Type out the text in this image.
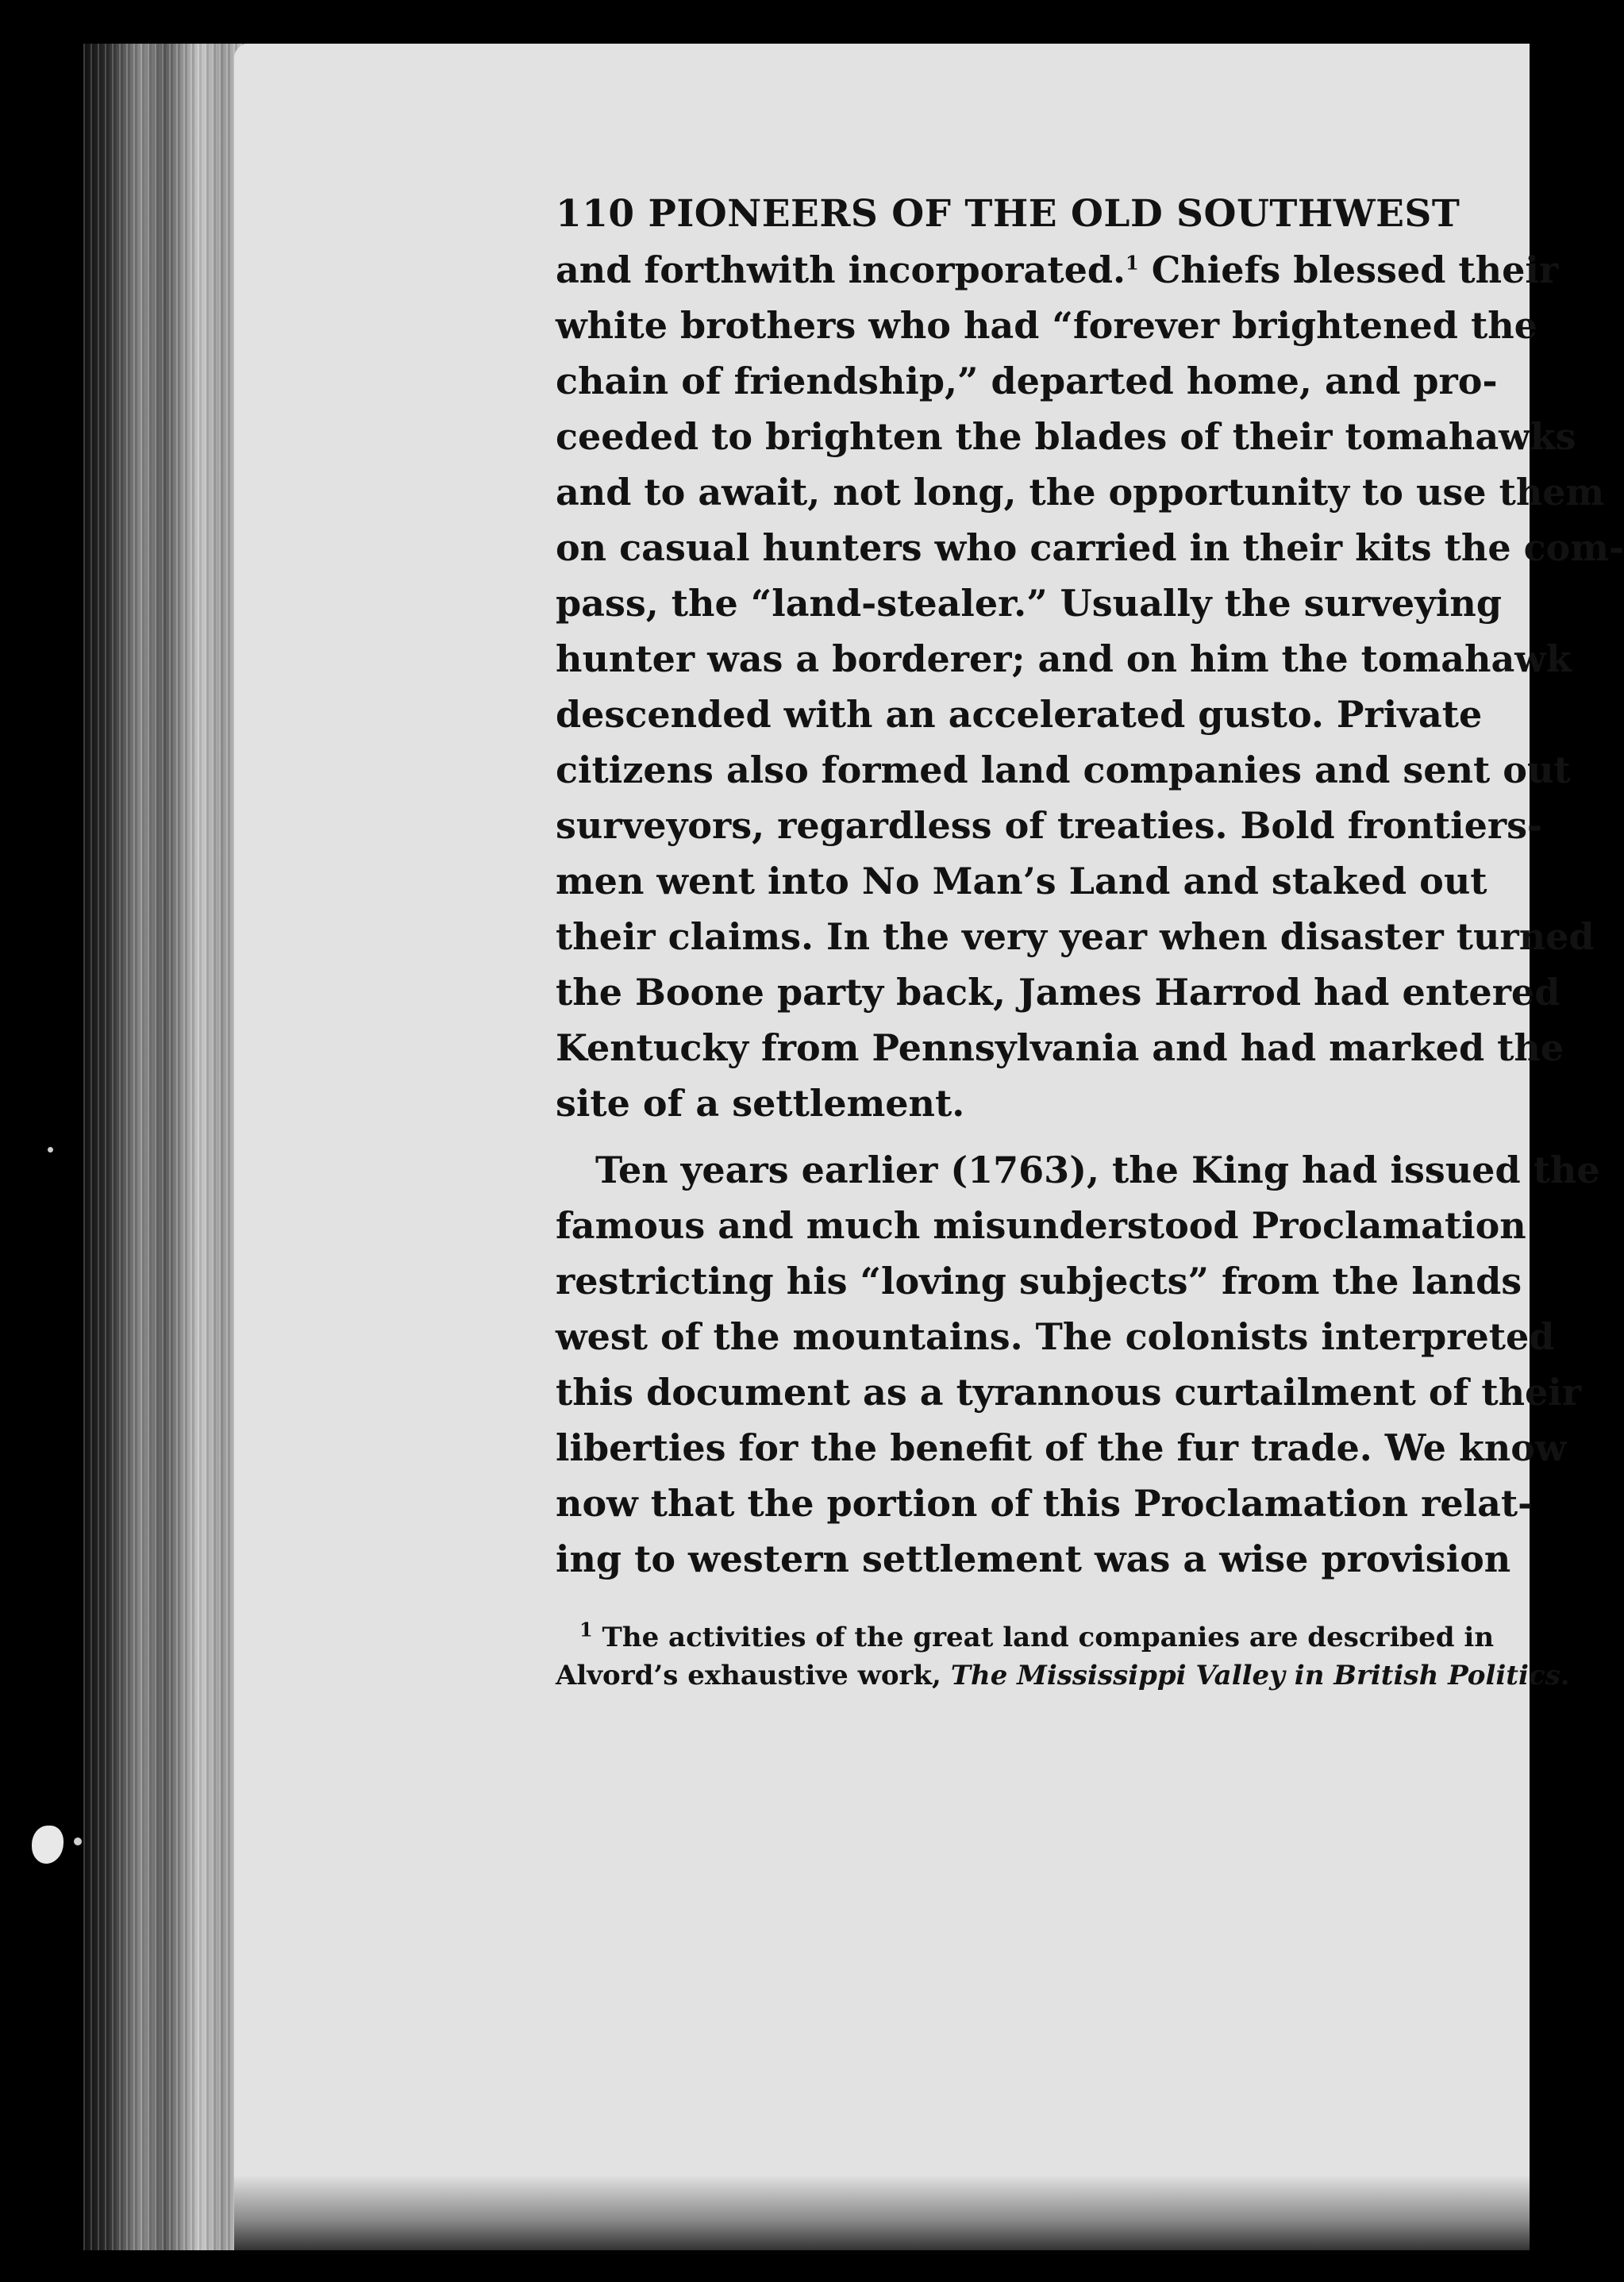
110 PIONEERS OF THE OLD SOUTHWEST
and forthwith incorporated.$^1$ Chiefs blessed their
white brothers who had “forever brightened the
chain of friendship,” departed home, and pro-
ceeded to brighten the blades of their tomahawks
and to await, not long, the opportunity to use them
on casual hunters who carried in their kits the com-
pass, the “land-stealer.” Usually the surveying
hunter was a borderer; and on him the tomahawk
descended with an accelerated gusto. Private
citizens also formed land companies and sent out
surveyors, regardless of treaties. Bold frontiers-
men went into No Man’s Land and staked out
their claims. In the very year when disaster turned
the Boone party back, James Harrod had entered
Kentucky from Pennsylvania and had marked the
site of a settlement.
Ten years earlier (1763), the King had issued the
famous and much misunderstood Proclamation
restricting his “loving subjects” from the lands
west of the mountains. The colonists interpreted
this document as a tyrannous curtailment of their
liberties for the benefit of the fur trade. We know
now that the portion of this Proclamation relat-
ing to western settlement was a wise provision
$^1$ The activities of the great land companies are described in
Alvord’s exhaustive work, The Mississippi Valley in British Politics.
